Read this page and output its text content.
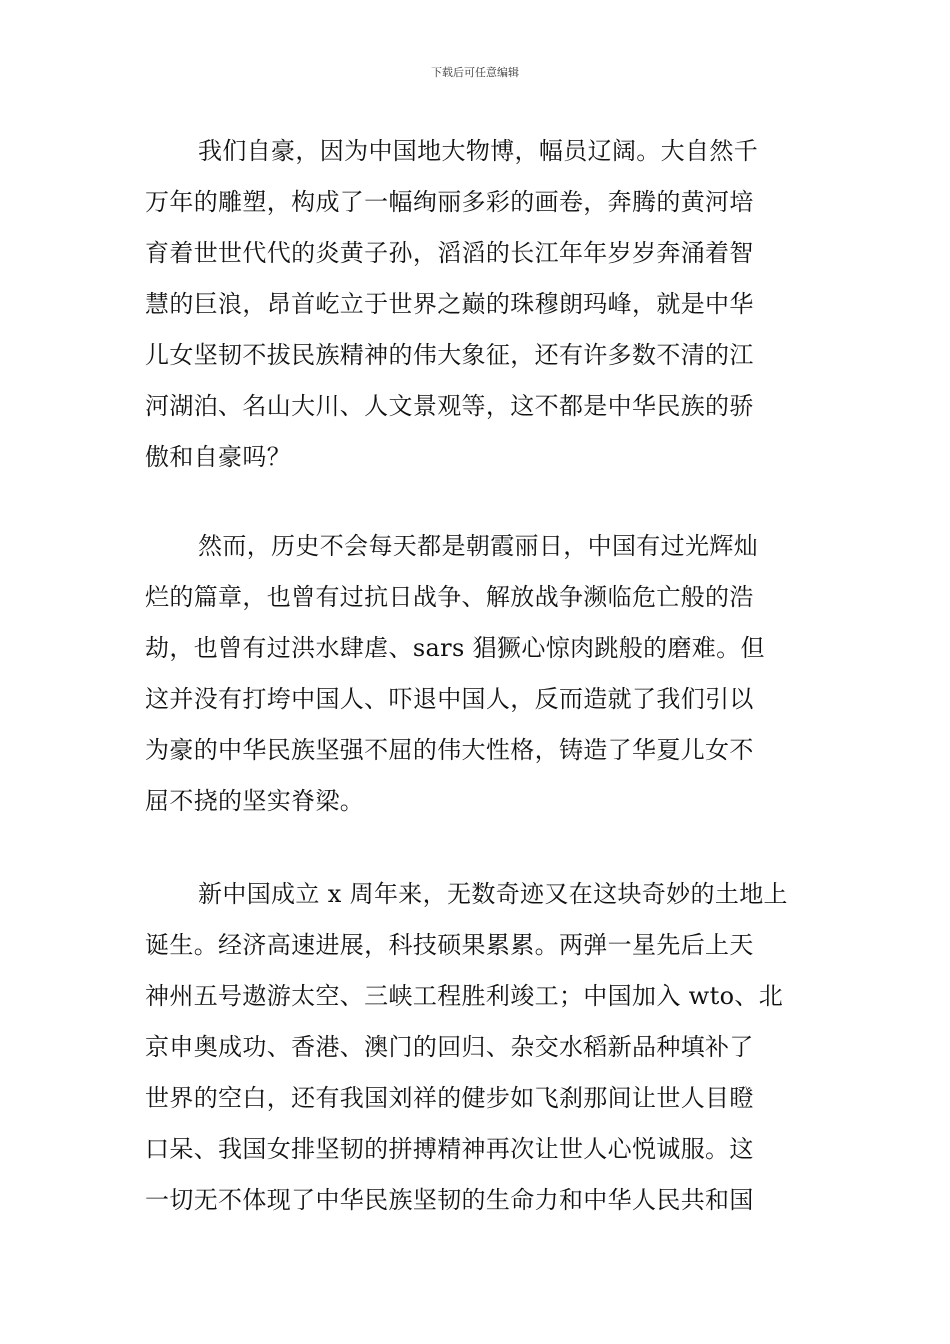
下载后可任意编辑
我们自豪，因为中国地大物博，幅员辽阔。大自然千
万年的雕塑，构成了一幅绚丽多彩的画卷，奔腾的黄河培
育着世世代代的炎黄子孙，滔滔的长江年年岁岁奔涌着智
慧的巨浪，昂首屹立于世界之巅的珠穆朗玛峰，就是中华
儿女坚韧不拔民族精神的伟大象征，还有许多数不清的江
河湖泊、名山大川、人文景观等，这不都是中华民族的骄
傲和自豪吗？
然而，历史不会每天都是朝霞丽日，中国有过光辉灿
烂的篇章，也曾有过抗日战争、解放战争濒临危亡般的浩
劫，也曾有过洪水肆虐、sars 猖獗心惊肉跳般的磨难。但
这并没有打垮中国人、吓退中国人，反而造就了我们引以
为豪的中华民族坚强不屈的伟大性格，铸造了华夏儿女不
屈不挠的坚实脊梁。
新中国成立 x 周年来，无数奇迹又在这块奇妙的土地上
诞生。经济高速进展，科技硕果累累。两弹一星先后上天
神州五号遨游太空、三峡工程胜利竣工；中国加入 wto、北
京申奥成功、香港、澳门的回归、杂交水稻新品种填补了
世界的空白，还有我国刘祥的健步如飞刹那间让世人目瞪
口呆、我国女排坚韧的拼搏精神再次让世人心悦诚服。这
一切无不体现了中华民族坚韧的生命力和中华人民共和国
